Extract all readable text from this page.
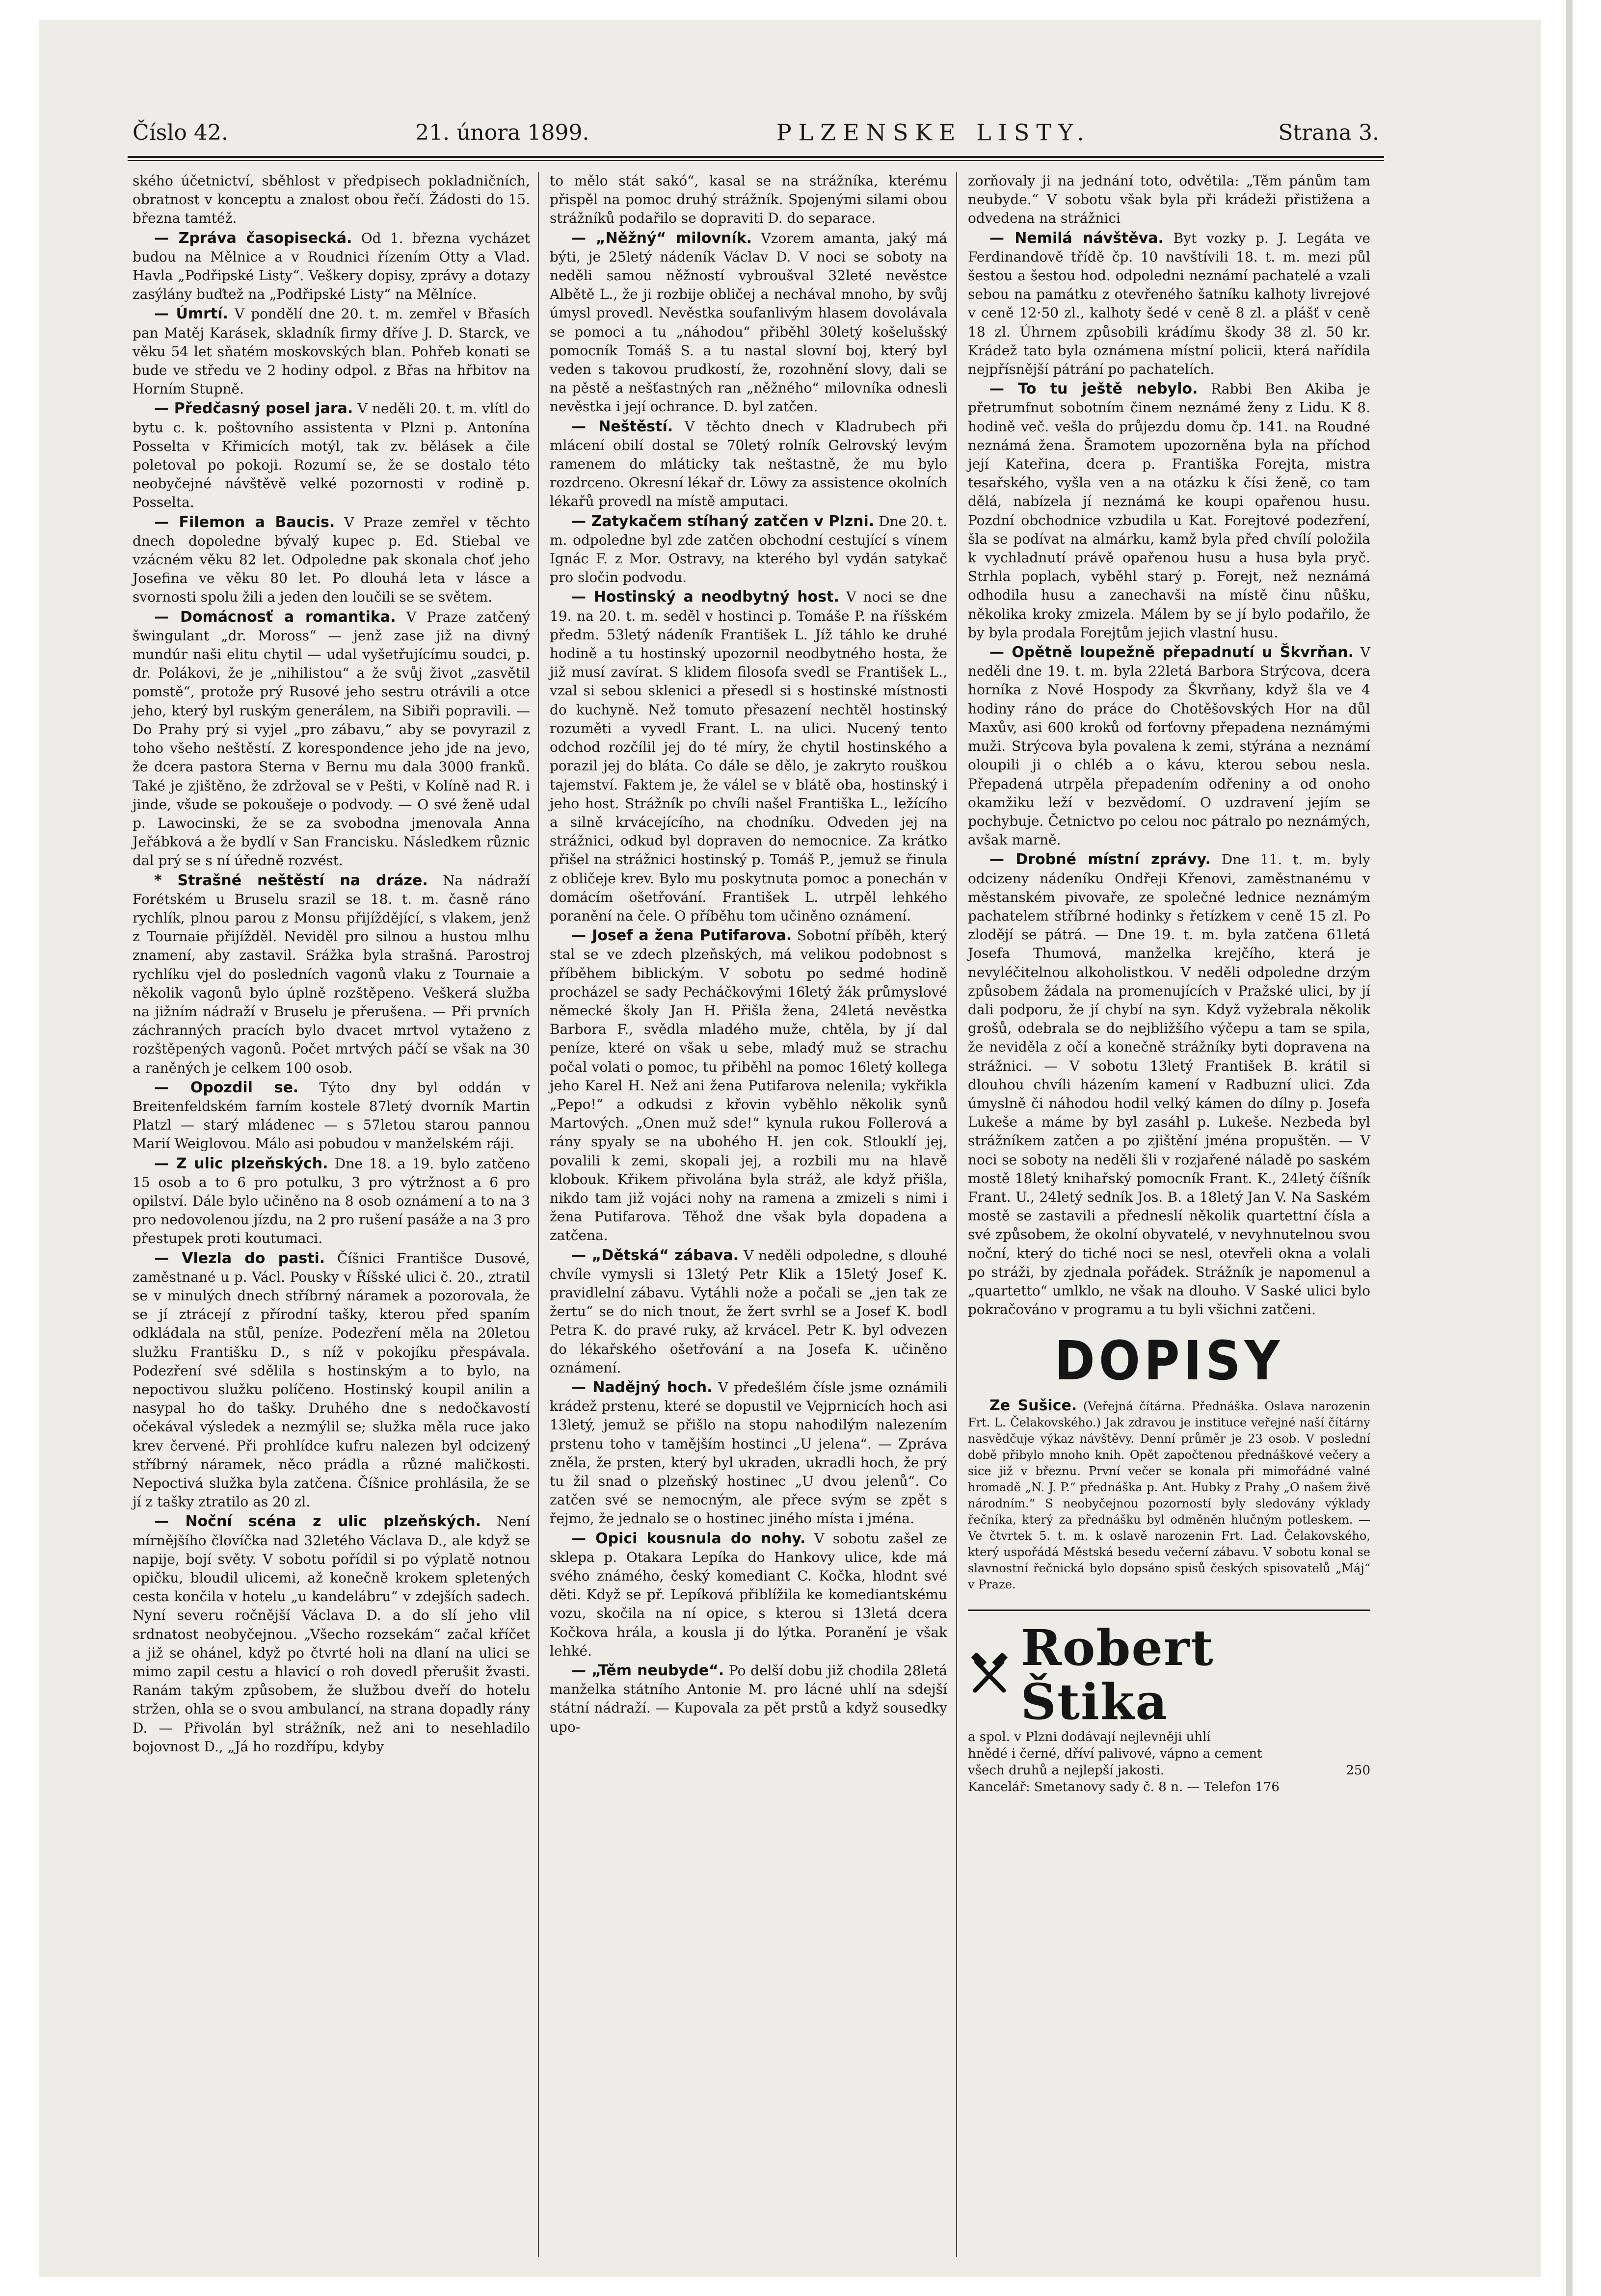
Číslo 42.	21. února 1899.	PLZENSKE LISTY.	Strana 3.

ského účetnictví, sběhlost v předpisech pokladničních, obratnost v konceptu a znalost obou řečí. Žádosti do 15. března tamtéž.

— Zpráva časopisecká. Od 1. března vycházet budou na Mělnice a v Roudnici řízením Otty a Vlad. Havla „Podřipské Listy“. Veškery dopisy, zprávy a dotazy zasýlány buďtež na „Podřipské Listy“ na Mělníce.

— Úmrtí. V pondělí dne 20. t. m. zemřel v Břasích pan Matěj Karásek, skladník firmy dříve J. D. Starck, ve věku 54 let sňatém moskovských blan. Pohřeb konati se bude ve středu ve 2 hodiny odpol. z Břas na hřbitov na Horním Stupně.

— Předčasný posel jara. V neděli 20. t. m. vlítl do bytu c. k. poštovního assistenta v Plzni p. Antonína Posselta v Křimicích motýl, tak zv. bělásek a čile poletoval po pokoji. Rozumí se, že se dostalo této neobyčejné návštěvě velké pozornosti v rodině p. Posselta.

— Filemon a Baucis. V Praze zemřel v těchto dnech dopoledne bývalý kupec p. Ed. Stiebal ve vzácném věku 82 let. Odpoledne pak skonala choť jeho Josefina ve věku 80 let. Po dlouhá leta v lásce a svornosti spolu žili a jeden den loučili se se světem.

— Domácnosť a romantika. V Praze zatčený šwingulant „dr. Moross“ — jenž zase již na divný mundúr naši elitu chytil — udal vyšetřujícímu soudci, p. dr. Polákovi, že je „nihilistou“ a že svůj život „zasvětil pomstě“, protože prý Rusové jeho sestru otrávili a otce jeho, který byl ruským generálem, na Sibiři popravili. — Do Prahy prý si vyjel „pro zábavu,“ aby se povyrazil z toho všeho neštěstí. Z korespondence jeho jde na jevo, že dcera pastora Sterna v Bernu mu dala 3000 franků. Také je zjištěno, že zdržoval se v Pešti, v Kolíně nad R. i jinde, všude se pokoušeje o podvody. — O své ženě udal p. Lawocinski, že se za svobodna jmenovala Anna Jeřábková a že bydlí v San Francisku. Následkem různic dal prý se s ní úředně rozvést.

* Strašné neštěstí na dráze. Na nádraží Forétském u Bruselu srazil se 18. t. m. časně ráno rychlík, plnou parou z Monsu přijíždějící, s vlakem, jenž z Tournaie přijížděl. Neviděl pro silnou a hustou mlhu znamení, aby zastavil. Srážka byla strašná. Parostroj rychlíku vjel do posledních vagonů vlaku z Tournaie a několik vagonů bylo úplně rozštěpeno. Veškerá služba na jižním nádraží v Bruselu je přerušena. — Při prvních záchranných pracích bylo dvacet mrtvol vytaženo z rozštěpených vagonů. Počet mrtvých páčí se však na 30 a raněných je celkem 100 osob.

— Opozdil se. Týto dny byl oddán v Breitenfeldském farním kostele 87letý dvorník Martin Platzl — starý mládenec — s 57letou starou pannou Marií Weiglovou. Málo asi pobudou v manželském ráji.

— Z ulic plzeňských. Dne 18. a 19. bylo zatčeno 15 osob a to 6 pro potulku, 3 pro výtržnost a 6 pro opilství. Dále bylo učiněno na 8 osob oznámení a to na 3 pro nedovolenou jízdu, na 2 pro rušení pasáže a na 3 pro přestupek proti koutumaci.

— Vlezla do pasti. Číšnici Františce Dusové, zaměstnané u p. Václ. Pousky v Říšské ulici č. 20., ztratil se v minulých dnech stříbrný náramek a pozorovala, že se jí ztrácejí z přírodní tašky, kterou před spaním odkládala na stůl, peníze. Podezření měla na 20letou služku Františku D., s níž v pokojíku přespávala. Podezření své sdělila s hostinským a to bylo, na nepoctivou služku políčeno. Hostinský koupil anilin a nasypal ho do tašky. Druhého dne s nedočkavostí očekával výsledek a nezmýlil se; služka měla ruce jako krev červené. Při prohlídce kufru nalezen byl odcizený stříbrný náramek, něco prádla a různé maličkosti. Nepoctivá služka byla zatčena. Číšnice prohlásila, že se jí z tašky ztratilo as 20 zl.

— Noční scéna z ulic plzeňských. Není mírnějšího človíčka nad 32letého Václava D., ale když se napije, bojí světy. V sobotu pořídil si po výplatě notnou opičku, bloudil ulicemi, až konečně krokem spletených cesta končila v hotelu „u kandelábru“ v zdejších sadech. Nyní severu ročnější Václava D. a do slí jeho vlil srdnatost neobyčejnou. „Všecho rozsekám“ začal kříčet a již se ohánel, když po čtvrté holi na dlaní na ulici se mimo zapil cestu a hlavicí o roh dovedl přerušit žvasti. Ranám takým způsobem, že službou dveří do hotelu stržen, ohla se o svou ambulancí, na strana dopadly rány D. — Přivolán byl strážník, než ani to nesehladilo bojovnost D., „Já ho rozdřípu, kdyby

to mělo stát sakó“, kasal se na strážníka, kterému přispěl na pomoc druhý strážník. Spojenými silami obou strážníků podařilo se dopraviti D. do separace.

— „Něžný“ milovník. Vzorem amanta, jaký má býti, je 25letý nádeník Václav D. V noci se soboty na neděli samou něžností vybroušval 32leté nevěstce Albětě L., že ji rozbije obličej a nechával mnoho, by svůj úmysl provedl. Nevěstka soufanlivým hlasem dovolávala se pomoci a tu „náhodou“ přiběhl 30letý košelušský pomocník Tomáš S. a tu nastal slovní boj, který byl veden s takovou prudkostí, že, rozohnění slovy, dali se na pěstě a nešťastných ran „něžného“ milovníka odnesli nevěstka i její ochrance. D. byl zatčen.

— Neštěstí. V těchto dnech v Kladrubech při mlácení obilí dostal se 70letý rolník Gelrovský levým ramenem do mláticky tak neštastně, že mu bylo rozdrceno. Okresní lékař dr. Löwy za assistence okolních lékařů provedl na místě amputaci.

— Zatykačem stíhaný zatčen v Plzni. Dne 20. t. m. odpoledne byl zde zatčen obchodní cestující s vínem Ignác F. z Mor. Ostravy, na kterého byl vydán satykač pro sločin podvodu.

— Hostinský a neodbytný host. V noci se dne 19. na 20. t. m. seděl v hostinci p. Tomáše P. na říšském předm. 53letý nádeník František L. Jíž táhlo ke druhé hodině a tu hostinský upozornil neodbytného hosta, že již musí zavírat. S klidem filosofa svedl se František L., vzal si sebou sklenici a přesedl si s hostinské místnosti do kuchyně. Než tomuto přesazení nechtěl hostinský rozuměti a vyvedl Frant. L. na ulici. Nucený tento odchod rozčílil jej do té míry, že chytil hostinského a porazil jej do bláta. Co dále se dělo, je zakryto rouškou tajemství. Faktem je, že válel se v blátě oba, hostinský i jeho host. Strážník po chvíli našel Františka L., ležícího a silně krvácejícího, na chodníku. Odveden jej na strážnici, odkud byl dopraven do nemocnice. Za krátko přišel na strážnici hostinský p. Tomáš P., jemuž se řinula z obličeje krev. Bylo mu poskytnuta pomoc a ponechán v domácím ošetřování. František L. utrpěl lehkého poranění na čele. O příběhu tom učiněno oznámení.

— Josef a žena Putifarova. Sobotní příběh, který stal se ve zdech plzeňských, má velikou podobnost s příběhem biblickým. V sobotu po sedmé hodině procházel se sady Pecháčkovými 16letý žák průmyslové německé školy Jan H. Přišla žena, 24letá nevěstka Barbora F., svědla mladého muže, chtěla, by jí dal peníze, které on však u sebe, mladý muž se strachu počal volati o pomoc, tu přiběhl na pomoc 16letý kollega jeho Karel H. Než ani žena Putifarova nelenila; vykřikla „Pepo!“ a odkudsi z křovin vyběhlo několik synů Martových. „Onen muž sde!“ kynula rukou Follerová a rány spyaly se na ubohého H. jen cok. Stlouklí jej, povalili k zemi, skopali jej, a rozbili mu na hlavě klobouk. Křikem přivolána byla stráž, ale když přišla, nikdo tam již vojáci nohy na ramena a zmizeli s nimi i žena Putifarova. Těhož dne však byla dopadena a zatčena.

— „Dětská“ zábava. V neděli odpoledne, s dlouhé chvíle vymysli si 13letý Petr Klik a 15letý Josef K. pravidlelní zábavu. Vytáhli nože a počali se „jen tak ze žertu“ se do nich tnout, že žert svrhl se a Josef K. bodl Petra K. do pravé ruky, až krvácel. Petr K. byl odvezen do lékařského ošetřování a na Josefa K. učiněno oznámení.

— Nadějný hoch. V předešlém čísle jsme oznámili krádež prstenu, které se dopustil ve Vejprnicích hoch asi 13letý, jemuž se přišlo na stopu nahodilým nalezením prstenu toho v tamějším hostinci „U jelena“. — Zpráva zněla, že prsten, který byl ukraden, ukradli hoch, že prý tu žil snad o plzeňský hostinec „U dvou jelenů“. Co zatčen své se nemocným, ale přece svým se zpět s řejmo, že jednalo se o hostinec jiného místa i jména.

— Opici kousnula do nohy. V sobotu zašel ze sklepa p. Otakara Lepíka do Hankovy ulice, kde má svého známého, český komediant C. Kočka, hlodnt své děti. Když se př. Lepíková přiblížila ke komediantskému vozu, skočila na ní opice, s kterou si 13letá dcera Kočkova hrála, a kousla ji do lýtka. Poranění je však lehké.

— „Těm neubyde“. Po delší dobu již chodila 28letá manželka státního Antonie M. pro lácné uhlí na sdejší státní nádraží. — Kupovala za pět prstů a když sousedky upo-

zorňovaly ji na jednání toto, odvětila: „Těm pánům tam neubyde.“ V sobotu však byla při krádeži přistižena a odvedena na strážnici

— Nemilá návštěva. Byt vozky p. J. Legáta ve Ferdinandově třídě čp. 10 navštívili 18. t. m. mezi půl šestou a šestou hod. odpoledni neznámí pachatelé a vzali sebou na památku z otevřeného šatníku kalhoty livrejové v ceně 12·50 zl., kalhoty šedé v ceně 8 zl. a plášť v ceně 18 zl. Úhrnem způsobili krádímu škody 38 zl. 50 kr. Krádež tato byla oznámena místní policii, která nařídila nejpřísnější pátrání po pachatelích.

— To tu ještě nebylo. Rabbi Ben Akiba je přetrumfnut sobotním činem neznámé ženy z Lidu. K 8. hodině več. vešla do průjezdu domu čp. 141. na Roudné neznámá žena. Šramotem upozorněna byla na příchod její Kateřina, dcera p. Františka Forejta, mistra tesařského, vyšla ven a na otázku k čísi ženě, co tam dělá, nabízela jí neznámá ke koupi opařenou husu. Pozdní obchodnice vzbudila u Kat. Forejtové podezření, šla se podívat na almárku, kamž byla před chvílí položila k vychladnutí právě opařenou husu a husa byla pryč. Strhla poplach, vyběhl starý p. Forejt, než neznámá odhodila husu a zanechavši na místě činu nůšku, několika kroky zmizela. Málem by se jí bylo podařilo, že by byla prodala Forejtům jejich vlastní husu.

— Opětně loupežně přepadnutí u Škvrňan. V neděli dne 19. t. m. byla 22letá Barbora Strýcova, dcera horníka z Nové Hospody za Škvrňany, když šla ve 4 hodiny ráno do práce do Chotěšovských Hor na důl Maxův, asi 600 kroků od forťovny přepadena neznámými muži. Strýcova byla povalena k zemi, stýrána a neznámí oloupili ji o chléb a o kávu, kterou sebou nesla. Přepadená utrpěla přepadením odřeniny a od onoho okamžiku leží v bezvědomí. O uzdravení jejím se pochybuje. Četnictvo po celou noc pátralo po neznámých, avšak marně.

— Drobné místní zprávy. Dne 11. t. m. byly odcizeny nádeníku Ondřeji Křenovi, zaměstnanému v městanském pivovaře, ze společné lednice neznámým pachatelem stříbrné hodinky s řetízkem v ceně 15 zl. Po zlodějí se pátrá. — Dne 19. t. m. byla zatčena 61letá Josefa Thumová, manželka krejčího, která je nevyléčitelnou alkoholistkou. V neděli odpoledne drzým způsobem žádala na promenujících v Pražské ulici, by jí dali podporu, že jí chybí na syn. Když vyžebrala několik grošů, odebrala se do nejbližšího výčepu a tam se spila, že neviděla z očí a konečně strážníky byti dopravena na strážnici. — V sobotu 13letý František B. krátil si dlouhou chvíli házením kamení v Radbuzní ulici. Zda úmyslně či náhodou hodil velký kámen do dílny p. Josefa Lukeše a máme by byl zasáhl p. Lukeše. Nezbeda byl strážníkem zatčen a po zjištění jména propuštěn. — V noci se soboty na neděli šli v rozjařené náladě po saském mostě 18letý knihařský pomocník Frant. K., 24letý číšník Frant. U., 24letý sedník Jos. B. a 18letý Jan V. Na Saském mostě se zastavili a předneslí několik quartettní čísla a své způsobem, že okolní obyvatelé, v nevyhnutelnou svou noční, který do tiché noci se nesl, otevřeli okna a volali po stráži, by zjednala pořádek. Strážník je napomenul a „quartetto“ umlklo, ne však na dlouho. V Saské ulici bylo pokračováno v programu a tu byli všichni zatčeni.

DOPISY

Ze Sušice. (Veřejná čítárna. Přednáška. Oslava narozenin Frt. L. Čelakovského.) Jak zdravou je instituce veřejné naší čítárny nasvědčuje výkaz návštěvy. Denní průměr je 23 osob. V poslední době přibylo mnoho knih. Opět započtenou přednáškové večery a sice již v březnu. První večer se konala při mimořádné valné hromadě „N. J. P.“ přednáška p. Ant. Hubky z Prahy „O našem živě národním.“ S neobyčejnou pozorností byly sledovány výklady řečníka, který za přednášku byl odměněn hlučným potleskem. — Ve čtvrtek 5. t. m. k oslavě narozenin Frt. Lad. Čelakovského, který uspořádá Městská besedu večerní zábavu. V sobotu konal se slavnostní řečnická bylo dopsáno spisů českých spisovatelů „Máj“ v Praze.

Robert Štika
a spol. v Plzni dodávají nejlevněji uhlí
hnědé i černé, dříví palivové, vápno a cement
všech druhů a nejlepší jakosti.	250
Kancelář: Smetanovy sady č. 8 n. — Telefon 176
